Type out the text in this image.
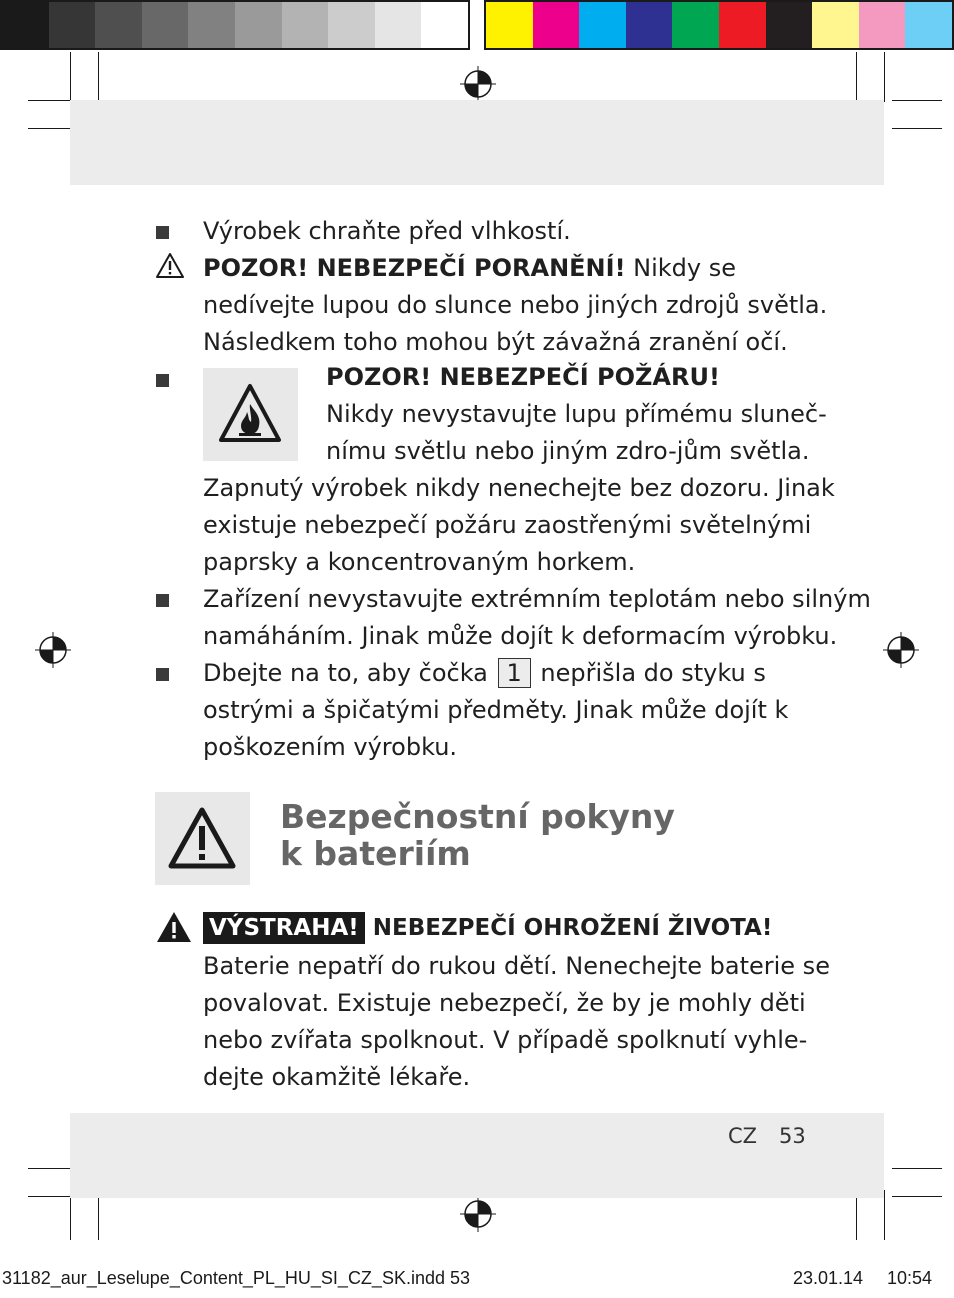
Výrobek chraňte před vlhkostí.
POZOR! NEBEZPEČÍ PORANĚNÍ! Nikdy se
nedívejte lupou do slunce nebo jiných zdrojů světla.
Následkem toho mohou být závažná zranění očí.
POZOR! NEBEZPEČÍ POŽÁRU!
Nikdy nevystavujte lupu přímému sluneč-
nímu světlu nebo jiným zdro-jům světla.
Zapnutý výrobek nikdy nenechejte bez dozoru. Jinak
existuje nebezpečí požáru zaostřenými světelnými
paprsky a koncentrovaným horkem.
Zařízení nevystavujte extrémním teplotám nebo silným
namáháním. Jinak může dojít k deformacím výrobku.
Dbejte na to, aby čočka 1 nepřišla do styku s
ostrými a špičatými předměty. Jinak může dojít k
poškozením výrobku.
Bezpečnostní pokyny
k bateriím
VÝSTRAHA! NEBEZPEČÍ OHROŽENÍ ŽIVOTA!
Baterie nepatří do rukou dětí. Nenechejte baterie se
povalovat. Existuje nebezpečí, že by je mohly děti
nebo zvířata spolknout. V případě spolknutí vyhle-
dejte okamžitě lékaře.
CZ 53
31182_aur_Leselupe_Content_PL_HU_SI_CZ_SK.indd 53	23.01.14 10:54
